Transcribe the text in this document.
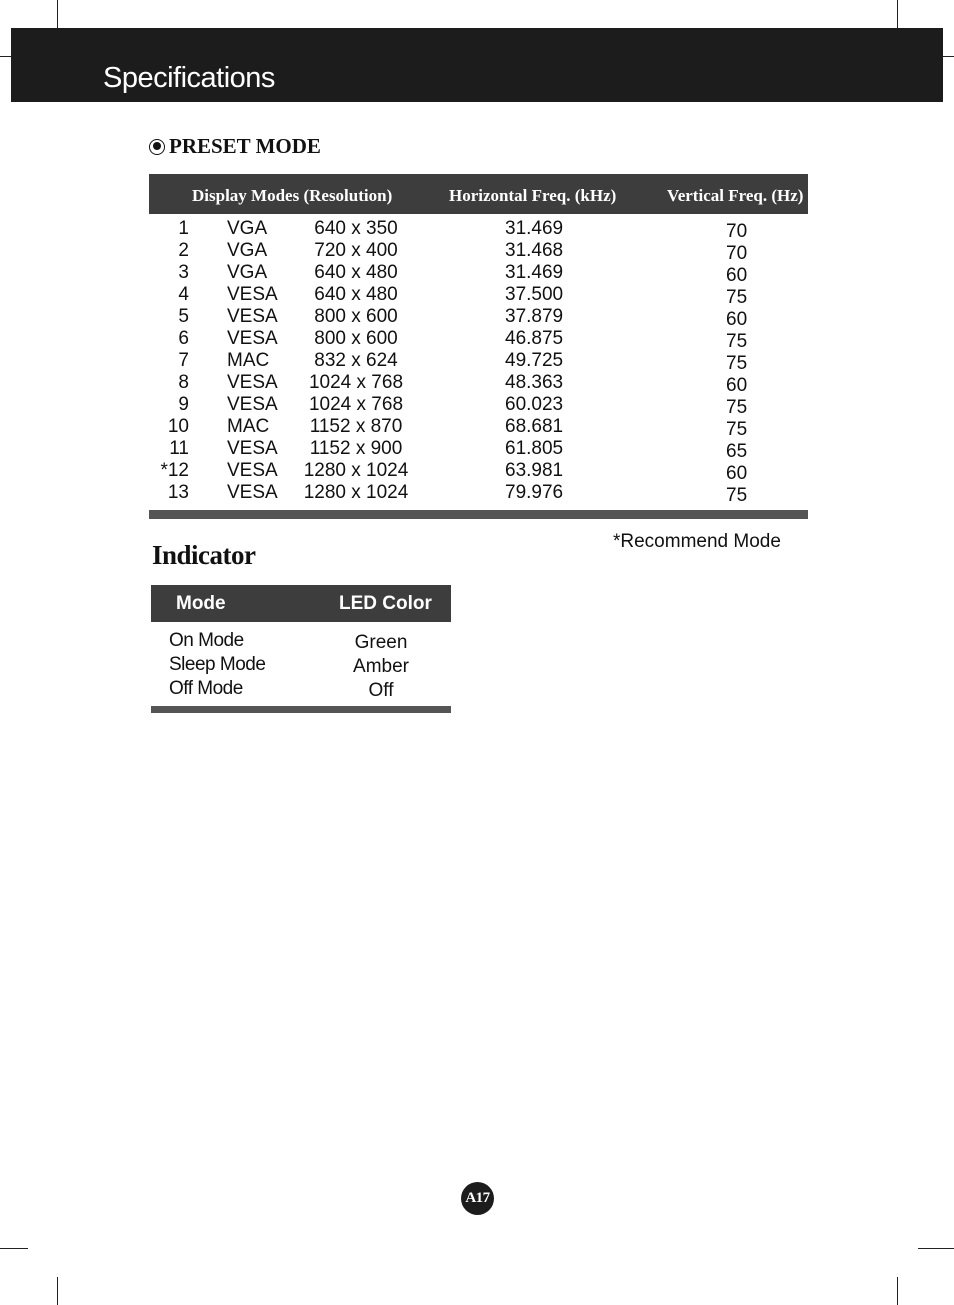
Specifications
PRESET MODE
Display Modes (Resolution)	Horizontal Freq. (kHz)	Vertical Freq. (Hz)
1 VGA	640 x 350	31.469	70
2 VGA	720 x 400	31.468	70
3 VGA	640 x 480	31.469	60
4 VESA	640 x 480	37.500	75
5 VESA	800 x 600	37.879	60
6 VESA	800 x 600	46.875	75
7 MAC	832 x 624	49.725	75
8 VESA	1024 x 768	48.363	60
9 VESA	1024 x 768	60.023	75
10 MAC	1152 x 870	68.681	75
11 VESA	1152 x 900	61.805	65
*12 VESA	1280 x 1024	63.981	60
13 VESA	1280 x 1024	79.976	75
*Recommend Mode
Indicator
Mode	LED Color
On Mode	Green
Sleep Mode	Amber
Off Mode	Off
A17
